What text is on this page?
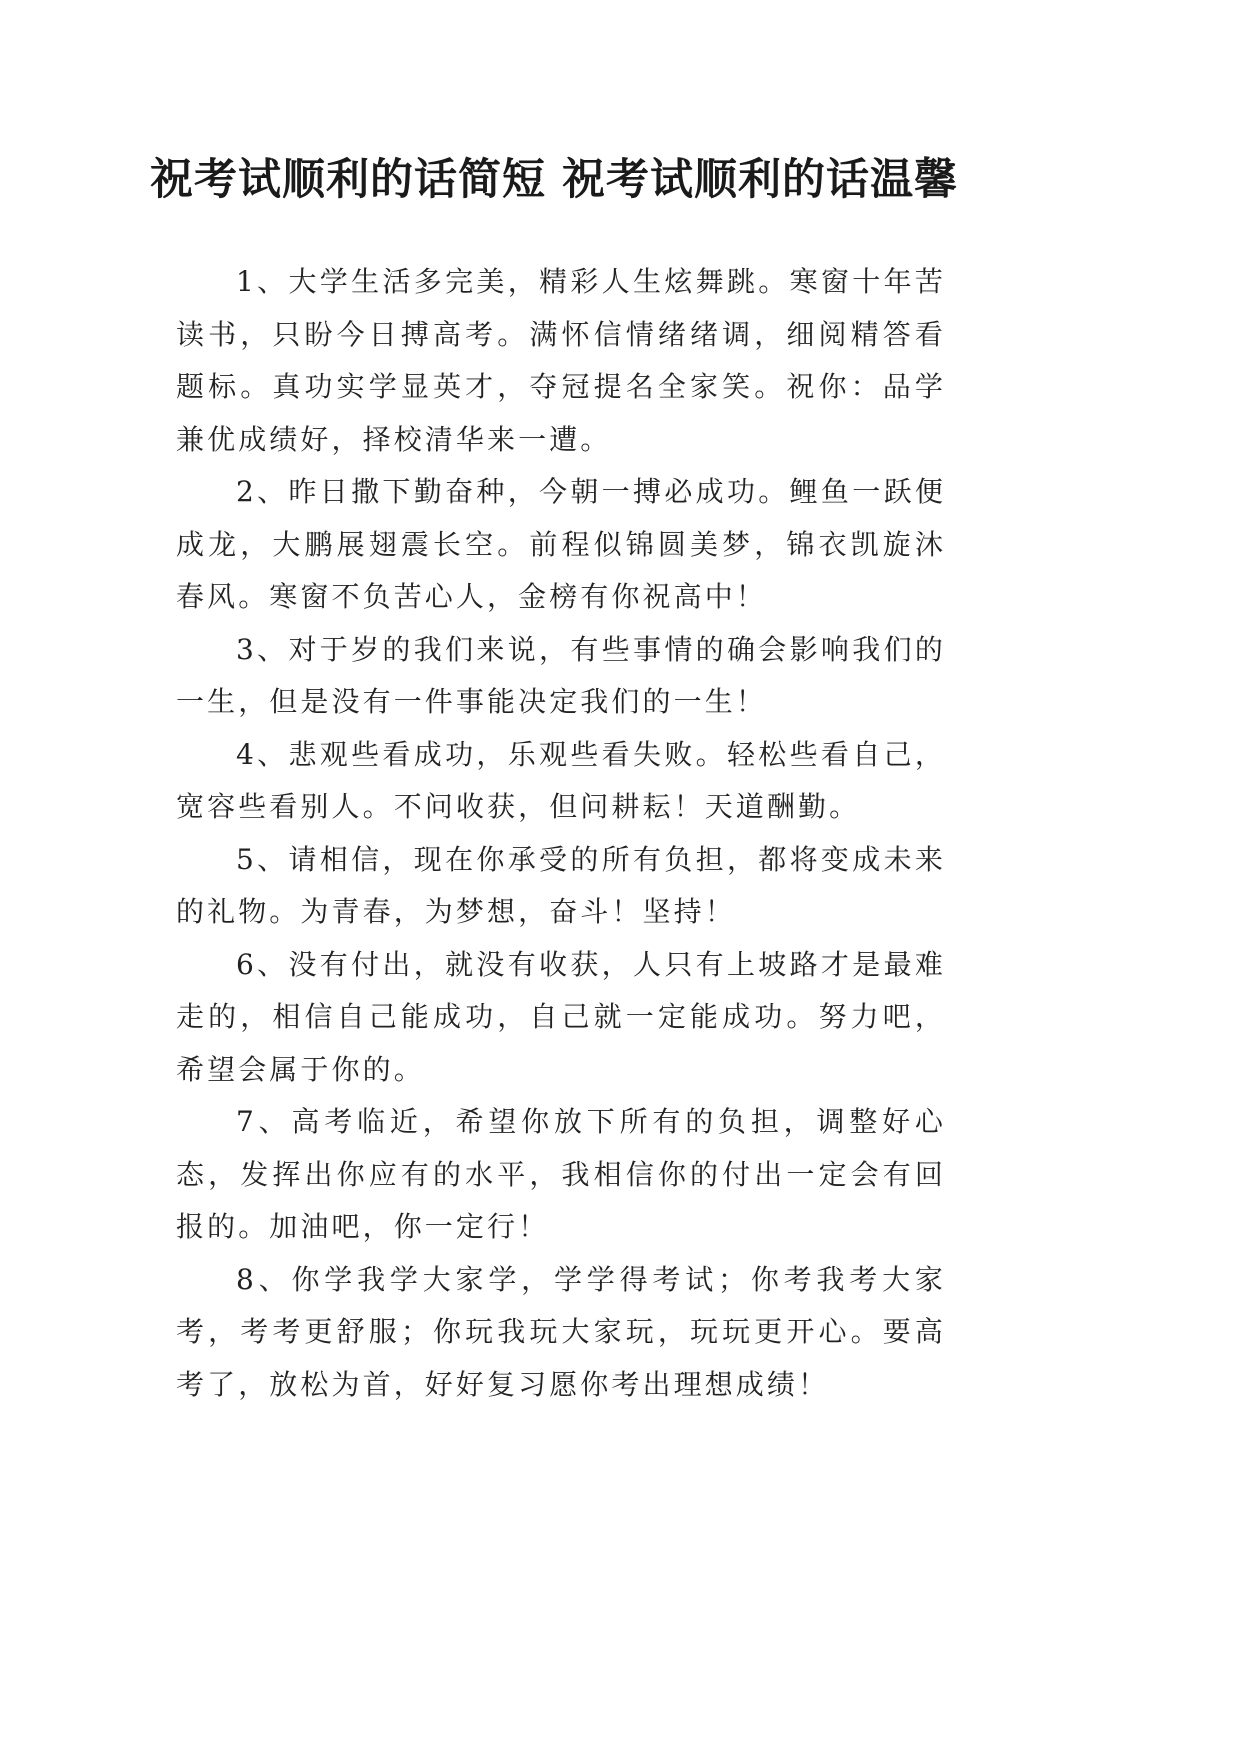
祝考试顺利的话简短 祝考试顺利的话温馨

1、大学生活多完美，精彩人生炫舞跳。寒窗十年苦读书，只盼今日搏高考。满怀信情绪绪调，细阅精答看题标。真功实学显英才，夺冠提名全家笑。祝你：品学兼优成绩好，择校清华来一遭。

2、昨日撒下勤奋种，今朝一搏必成功。鲤鱼一跃便成龙，大鹏展翅震长空。前程似锦圆美梦，锦衣凯旋沐春风。寒窗不负苦心人，金榜有你祝高中！

3、对于岁的我们来说，有些事情的确会影响我们的一生，但是没有一件事能决定我们的一生！

4、悲观些看成功，乐观些看失败。轻松些看自己，宽容些看别人。不问收获，但问耕耘！天道酬勤。

5、请相信，现在你承受的所有负担，都将变成未来的礼物。为青春，为梦想，奋斗！坚持！

6、没有付出，就没有收获，人只有上坡路才是最难走的，相信自己能成功，自己就一定能成功。努力吧，希望会属于你的。

7、高考临近，希望你放下所有的负担，调整好心态，发挥出你应有的水平，我相信你的付出一定会有回报的。加油吧，你一定行！

8、你学我学大家学，学学得考试；你考我考大家考，考考更舒服；你玩我玩大家玩，玩玩更开心。要高考了，放松为首，好好复习愿你考出理想成绩！
